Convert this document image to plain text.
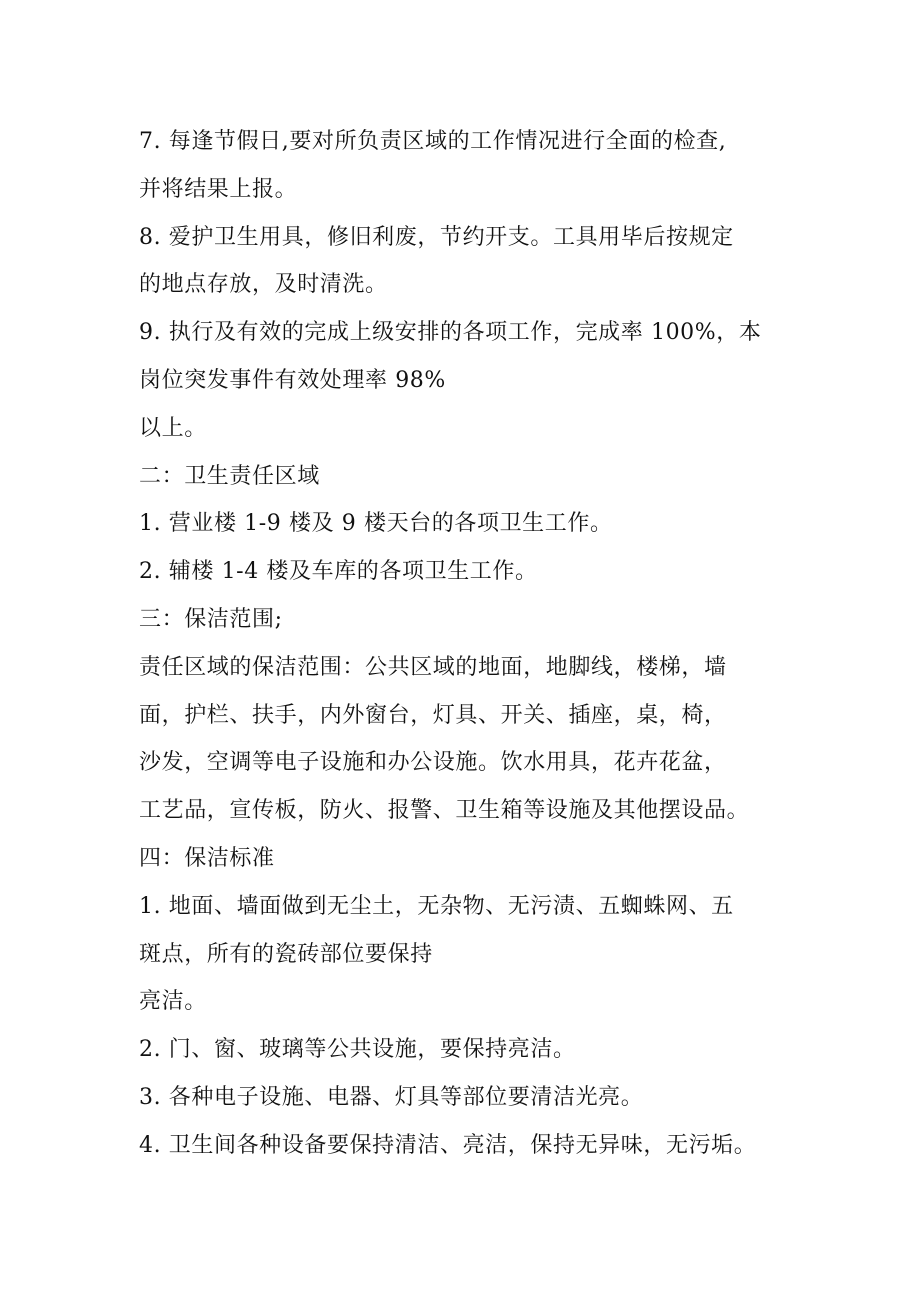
7. 每逢节假日,要对所负责区域的工作情况进行全面的检查,
并将结果上报。
8. 爱护卫生用具，修旧利废，节约开支。工具用毕后按规定
的地点存放，及时清洗。
9. 执行及有效的完成上级安排的各项工作，完成率 100%，本
岗位突发事件有效处理率 98%
以上。
二：卫生责任区域
1. 营业楼 1-9 楼及 9 楼天台的各项卫生工作。
2. 辅楼 1-4 楼及车库的各项卫生工作。
三：保洁范围;
责任区域的保洁范围：公共区域的地面，地脚线，楼梯，墙
面，护栏、扶手，内外窗台，灯具、开关、插座，桌，椅，
沙发，空调等电子设施和办公设施。饮水用具，花卉花盆，
工艺品，宣传板，防火、报警、卫生箱等设施及其他摆设品。
四：保洁标准
1. 地面、墙面做到无尘土，无杂物、无污渍、五蜘蛛网、五
斑点，所有的瓷砖部位要保持
亮洁。
2. 门、窗、玻璃等公共设施，要保持亮洁。
3. 各种电子设施、电器、灯具等部位要清洁光亮。
4. 卫生间各种设备要保持清洁、亮洁，保持无异味，无污垢。
